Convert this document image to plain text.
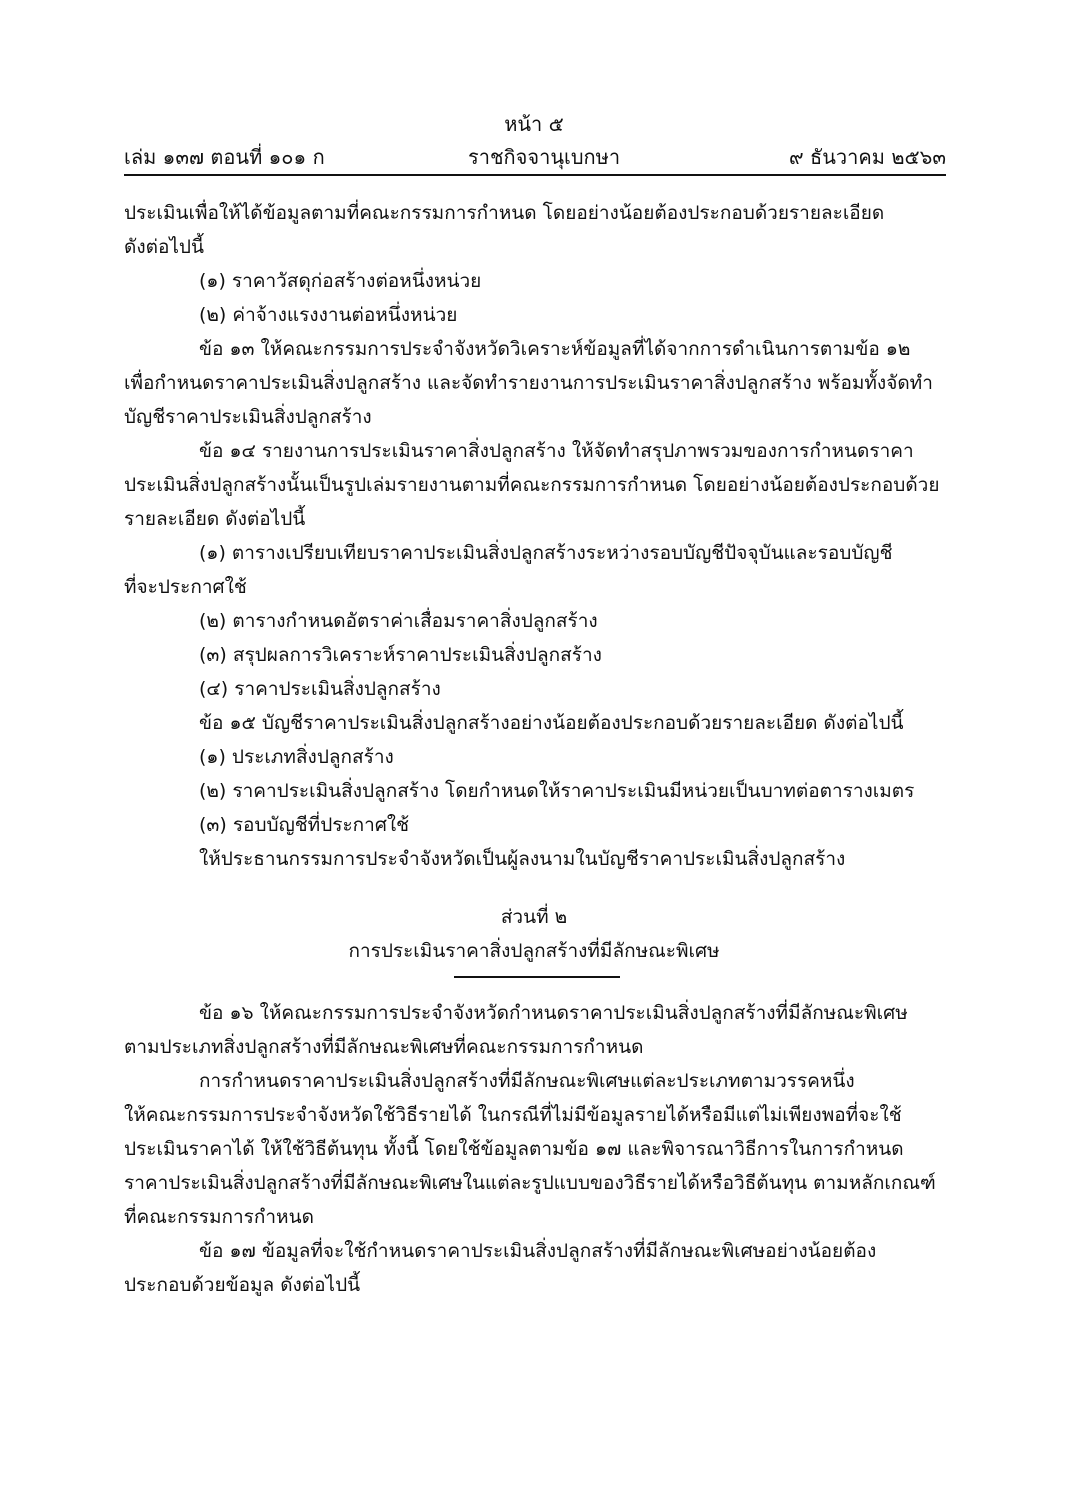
หน้า ๕
เล่ม ๑๓๗ ตอนที่ ๑๐๑ ก	ราชกิจจานุเบกษา	๙ ธันวาคม ๒๕๖๓

ประเมินเพื่อให้ได้ข้อมูลตามที่คณะกรรมการกำหนด โดยอย่างน้อยต้องประกอบด้วยรายละเอียด

ดังต่อไปนี้

(๑) ราคาวัสดุก่อสร้างต่อหนึ่งหน่วย

(๒) ค่าจ้างแรงงานต่อหนึ่งหน่วย

ข้อ ๑๓ ให้คณะกรรมการประจำจังหวัดวิเคราะห์ข้อมูลที่ได้จากการดำเนินการตามข้อ ๑๒

เพื่อกำหนดราคาประเมินสิ่งปลูกสร้าง และจัดทำรายงานการประเมินราคาสิ่งปลูกสร้าง พร้อมทั้งจัดทำ

บัญชีราคาประเมินสิ่งปลูกสร้าง

ข้อ ๑๔ รายงานการประเมินราคาสิ่งปลูกสร้าง ให้จัดทำสรุปภาพรวมของการกำหนดราคา

ประเมินสิ่งปลูกสร้างนั้นเป็นรูปเล่มรายงานตามที่คณะกรรมการกำหนด โดยอย่างน้อยต้องประกอบด้วย

รายละเอียด ดังต่อไปนี้

(๑) ตารางเปรียบเทียบราคาประเมินสิ่งปลูกสร้างระหว่างรอบบัญชีปัจจุบันและรอบบัญชี

ที่จะประกาศใช้

(๒) ตารางกำหนดอัตราค่าเสื่อมราคาสิ่งปลูกสร้าง

(๓) สรุปผลการวิเคราะห์ราคาประเมินสิ่งปลูกสร้าง

(๔) ราคาประเมินสิ่งปลูกสร้าง

ข้อ ๑๕ บัญชีราคาประเมินสิ่งปลูกสร้างอย่างน้อยต้องประกอบด้วยรายละเอียด ดังต่อไปนี้

(๑) ประเภทสิ่งปลูกสร้าง

(๒) ราคาประเมินสิ่งปลูกสร้าง โดยกำหนดให้ราคาประเมินมีหน่วยเป็นบาทต่อตารางเมตร

(๓) รอบบัญชีที่ประกาศใช้

ให้ประธานกรรมการประจำจังหวัดเป็นผู้ลงนามในบัญชีราคาประเมินสิ่งปลูกสร้าง

ส่วนที่ ๒
การประเมินราคาสิ่งปลูกสร้างที่มีลักษณะพิเศษ

ข้อ ๑๖ ให้คณะกรรมการประจำจังหวัดกำหนดราคาประเมินสิ่งปลูกสร้างที่มีลักษณะพิเศษ

ตามประเภทสิ่งปลูกสร้างที่มีลักษณะพิเศษที่คณะกรรมการกำหนด

การกำหนดราคาประเมินสิ่งปลูกสร้างที่มีลักษณะพิเศษแต่ละประเภทตามวรรคหนึ่ง

ให้คณะกรรมการประจำจังหวัดใช้วิธีรายได้ ในกรณีที่ไม่มีข้อมูลรายได้หรือมีแต่ไม่เพียงพอที่จะใช้

ประเมินราคาได้ ให้ใช้วิธีต้นทุน ทั้งนี้ โดยใช้ข้อมูลตามข้อ ๑๗ และพิจารณาวิธีการในการกำหนด

ราคาประเมินสิ่งปลูกสร้างที่มีลักษณะพิเศษในแต่ละรูปแบบของวิธีรายได้หรือวิธีต้นทุน ตามหลักเกณฑ์

ที่คณะกรรมการกำหนด

ข้อ ๑๗ ข้อมูลที่จะใช้กำหนดราคาประเมินสิ่งปลูกสร้างที่มีลักษณะพิเศษอย่างน้อยต้อง

ประกอบด้วยข้อมูล ดังต่อไปนี้
